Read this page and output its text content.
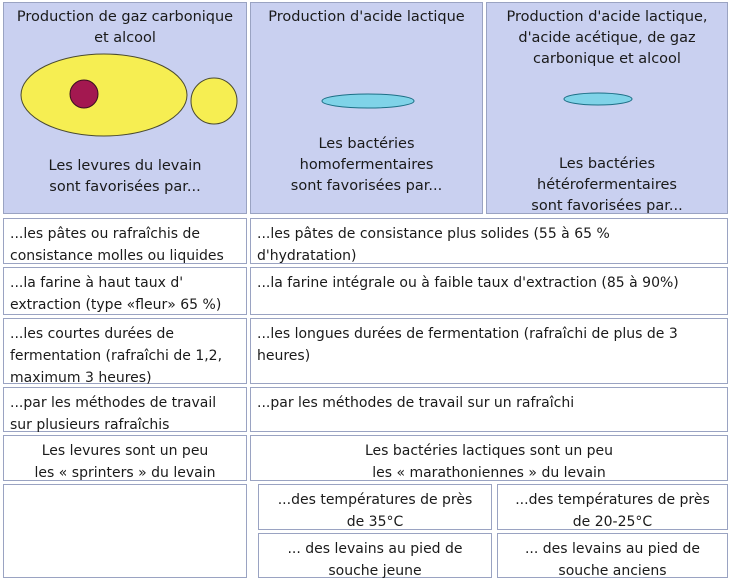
Production de gaz carbonique
et alcool
Les levures du levain
sont favorisées par...
Production d'acide lactique
Les bactéries
homofermentaires
sont favorisées par...
Production d'acide lactique,
d'acide acétique, de gaz
carbonique et alcool
Les bactéries
hétérofermentaires
sont favorisées par...
...les pâtes ou rafraîchis de
consistance molles ou liquides
...les pâtes de consistance plus solides (55 à 65 %
d'hydratation)
...la farine à haut taux d'
extraction (type «fleur» 65 %)
...la farine intégrale ou à faible taux d'extraction (85 à 90%)
...les courtes durées de
fermentation (rafraîchi de 1,2,
maximum 3 heures)
...les longues durées de fermentation (rafraîchi de plus de 3
heures)
...par les méthodes de travail
sur plusieurs rafraîchis
...par les méthodes de travail sur un rafraîchi
Les levures sont un peu
les « sprinters » du levain
Les bactéries lactiques sont un peu
les « marathoniennes » du levain
...des températures de près
de 35°C
...des températures de près
de 20-25°C
... des levains au pied de
souche jeune
... des levains au pied de
souche anciens
